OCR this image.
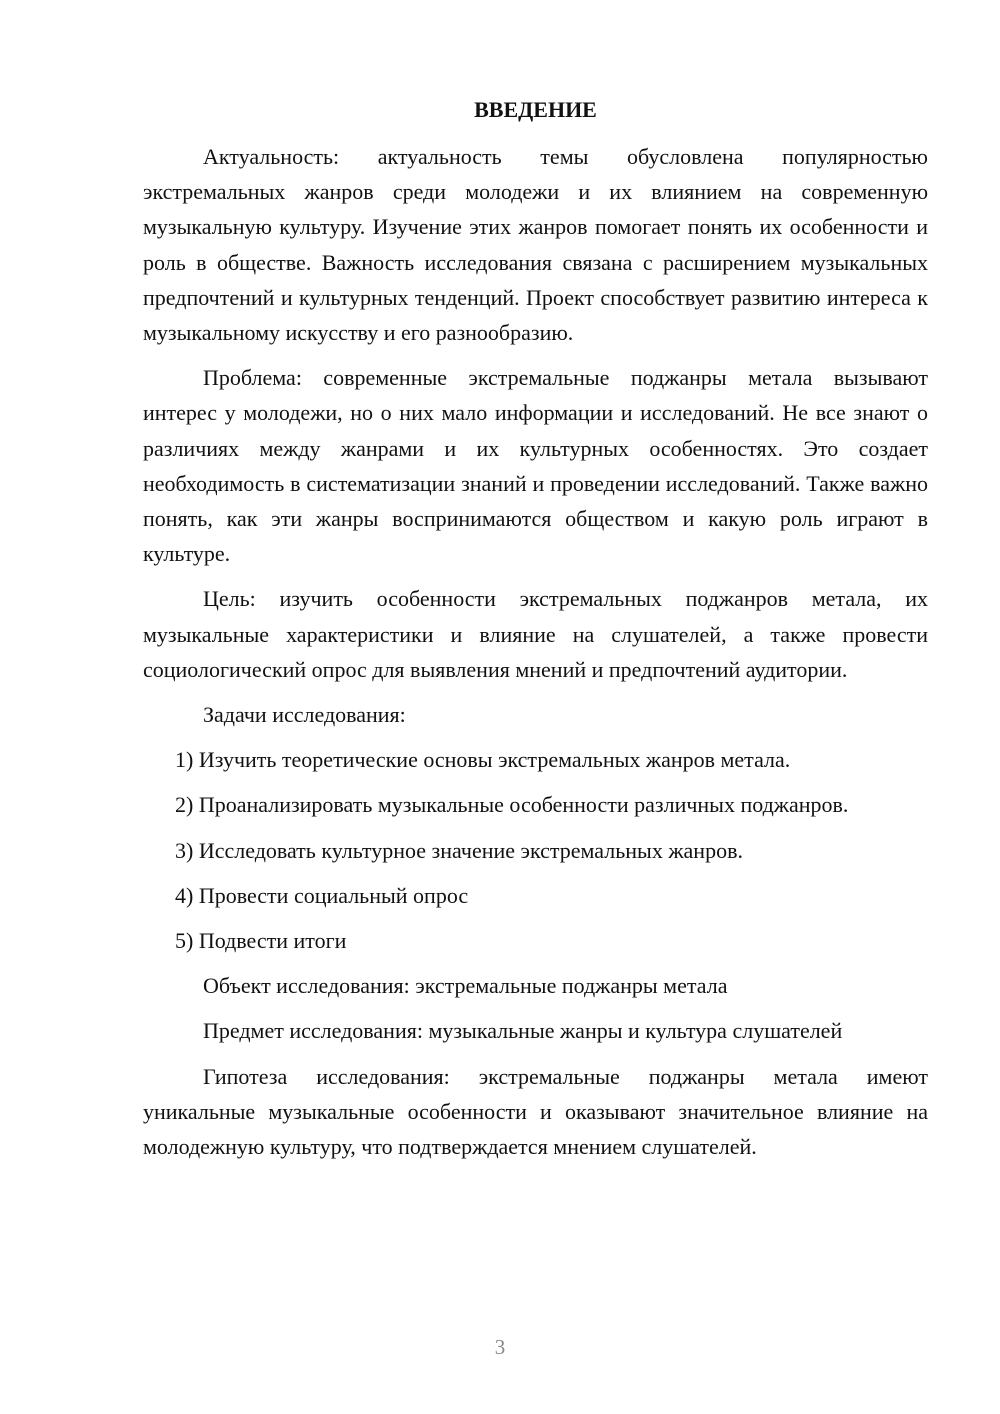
ВВЕДЕНИЕ

Актуальность: актуальность темы обусловлена популярностью экстремальных жанров среди молодежи и их влиянием на современную музыкальную культуру. Изучение этих жанров помогает понять их особенности и роль в обществе. Важность исследования связана с расширением музыкальных предпочтений и культурных тенденций. Проект способствует развитию интереса к музыкальному искусству и его разнообразию.

Проблема: современные экстремальные поджанры метала вызывают интерес у молодежи, но о них мало информации и исследований. Не все знают о различиях между жанрами и их культурных особенностях. Это создает необходимость в систематизации знаний и проведении исследований. Также важно понять, как эти жанры воспринимаются обществом и какую роль играют в культуре.

Цель: изучить особенности экстремальных поджанров метала, их музыкальные характеристики и влияние на слушателей, а также провести социологический опрос для выявления мнений и предпочтений аудитории.

Задачи исследования:

1) Изучить теоретические основы экстремальных жанров метала.

2) Проанализировать музыкальные особенности различных поджанров.

3) Исследовать культурное значение экстремальных жанров.

4) Провести социальный опрос

5) Подвести итоги

Объект исследования: экстремальные поджанры метала

Предмет исследования: музыкальные жанры и культура слушателей

Гипотеза исследования: экстремальные поджанры метала имеют уникальные музыкальные особенности и оказывают значительное влияние на молодежную культуру, что подтверждается мнением слушателей.

3
